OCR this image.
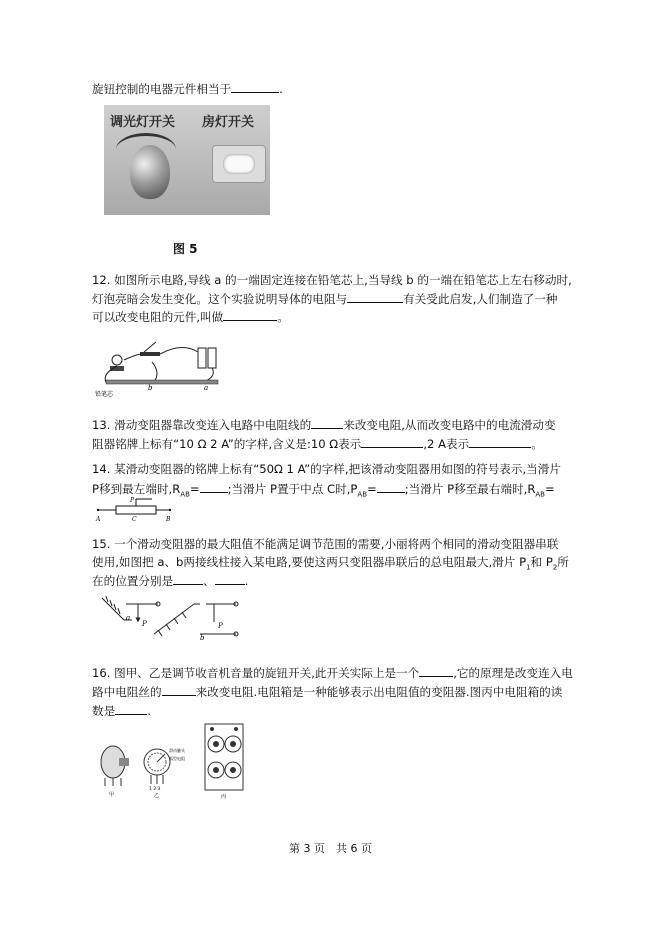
旋钮控制的电器元件相当于	.
调光灯开关 房灯开关
图 5
12. 如图所示电路,导线 a 的一端固定连接在铅笔芯上,当导线 b 的一端在铅笔芯上左右移动时,
灯泡亮暗会发生变化。这个实验说明导体的电阻与	有关受此启发,人们制造了一种
可以改变电阻的元件,叫做	。
铅笔芯
b	a
13. 滑动变阻器靠改变连入电路中电阻线的	来改变电阻,从而改变电路中的电流滑动变
阻器铭牌上标有“10 Ω 2 A”的字样,含义是:10 Ω表示	,2 A表示	。
14. 某滑动变阻器的铭牌上标有“50Ω 1 A”的字样,把该滑动变阻器用如图的符号表示,当滑片
P移到最左端时$,R_{AB}=$ ;当滑片 P置于中点 C时$,P_{AB}=$ ;当滑片 P移至最右端时$,R_{AB}=$
P
A	C	B
15. 一个滑动变阻器的最大阻值不能满足调节范围的需要,小丽将两个相同的滑动变阻器串联
使用,如图把 a、b两接线柱接入某电路,要使这两只变阻器串联后的总电阻最大,滑片 $P_1$和 $P_2$所
在的位置分别是	、	.
a
P	P
b
16. 图甲、乙是调节收音机音量的旋钮开关,此开关实际上是一个	,它的原理是改变连入电
路中电阻丝的	来改变电阻.电阻箱是一种能够表示出电阻值的变阻器.图丙中电阻箱的读
数是	.
甲
1 2 3
乙
滑动触头
弧型电阻
丙
第 3 页　共 6 页
